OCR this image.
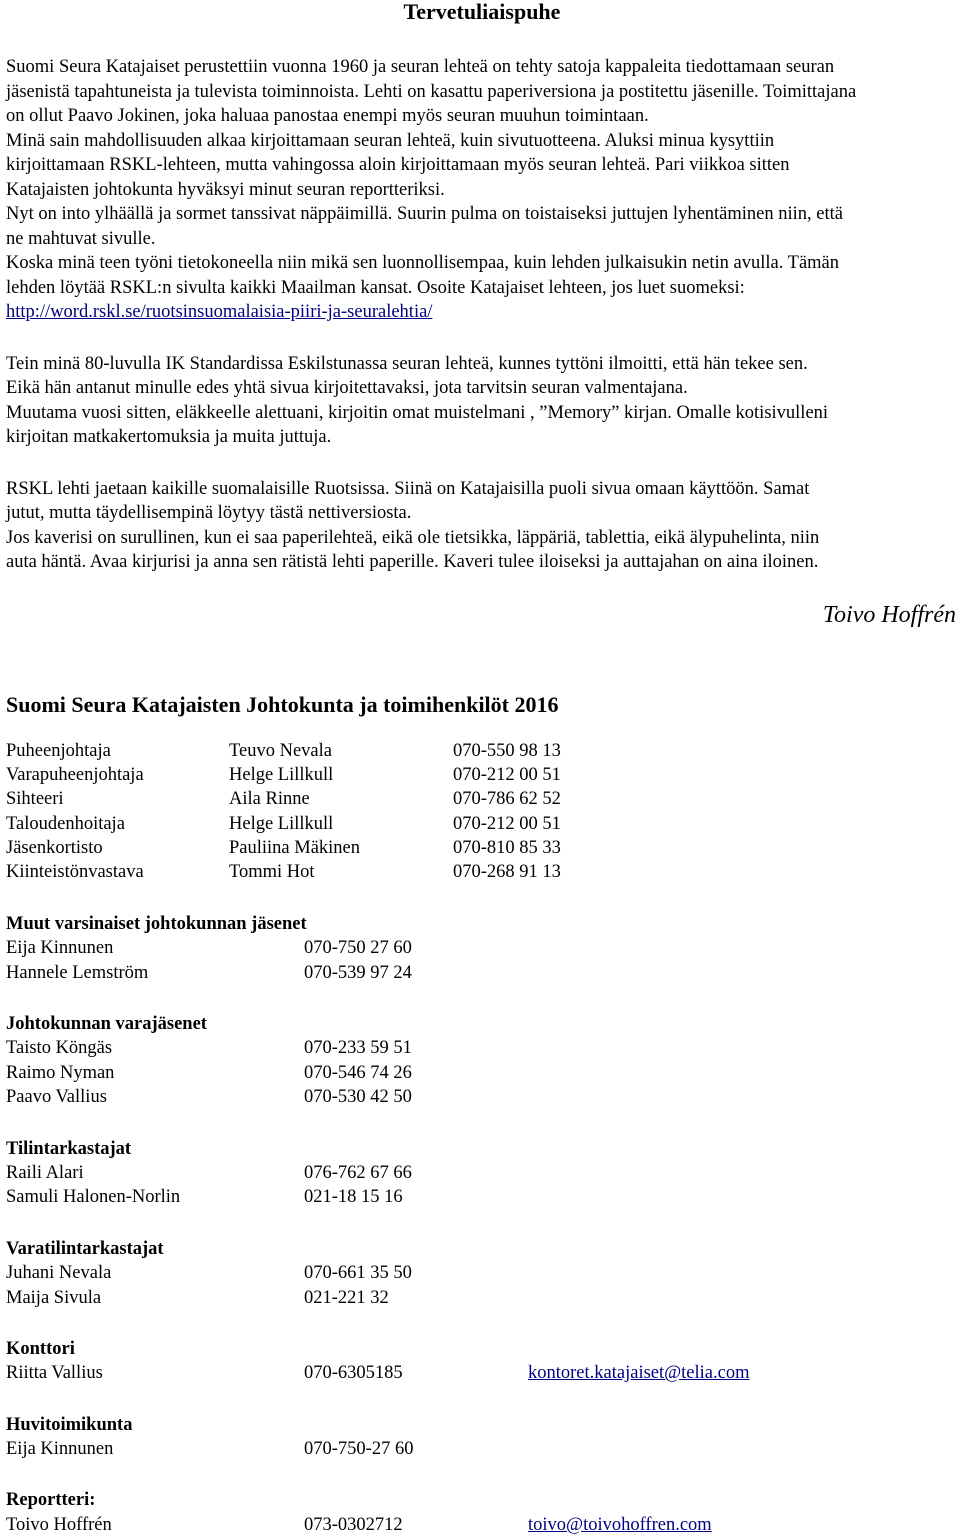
Tervetuliaispuhe

Suomi Seura Katajaiset perustettiin vuonna 1960 ja seuran lehteä on tehty satoja kappaleita tiedottamaan seuran

jäsenistä tapahtuneista ja tulevista toiminnoista. Lehti on kasattu paperiversiona ja postitettu jäsenille. Toimittajana

on ollut Paavo Jokinen, joka haluaa panostaa enempi myös seuran muuhun toimintaan.

Minä sain mahdollisuuden alkaa kirjoittamaan seuran lehteä, kuin sivutuotteena. Aluksi minua kysyttiin

kirjoittamaan RSKL-lehteen, mutta vahingossa aloin kirjoittamaan myös seuran lehteä. Pari viikkoa sitten

Katajaisten johtokunta hyväksyi minut seuran reportteriksi.

Nyt on into ylhäällä ja sormet tanssivat näppäimillä. Suurin pulma on toistaiseksi juttujen lyhentäminen niin, että

ne mahtuvat sivulle.

Koska minä teen työni tietokoneella niin mikä sen luonnollisempaa, kuin lehden julkaisukin netin avulla. Tämän

lehden löytää RSKL:n sivulta kaikki Maailman kansat. Osoite Katajaiset lehteen, jos luet suomeksi:

http://word.rskl.se/ruotsinsuomalaisia-piiri-ja-seuralehtia/

Tein minä 80-luvulla IK Standardissa Eskilstunassa seuran lehteä, kunnes tyttöni ilmoitti, että hän tekee sen.

Eikä hän antanut minulle edes yhtä sivua kirjoitettavaksi, jota tarvitsin seuran valmentajana.

Muutama vuosi sitten, eläkkeelle alettuani, kirjoitin omat muistelmani , ”Memory” kirjan. Omalle kotisivulleni

kirjoitan matkakertomuksia ja muita juttuja.

RSKL lehti jaetaan kaikille suomalaisille Ruotsissa. Siinä on Katajaisilla puoli sivua omaan käyttöön. Samat

jutut, mutta täydellisempinä löytyy tästä nettiversiosta.

Jos kaverisi on surullinen, kun ei saa paperilehteä, eikä ole tietsikka, läppäriä, tablettia, eikä älypuhelinta, niin

auta häntä. Avaa kirjurisi ja anna sen rätistä lehti paperille. Kaveri tulee iloiseksi ja auttajahan on aina iloinen.

Toivo Hoffrén

Suomi Seura Katajaisten Johtokunta ja toimihenkilöt 2016
Puheenjohtaja	Teuvo Nevala	070-550 98 13
Varapuheenjohtaja	Helge Lillkull	070-212 00 51
Sihteeri	Aila Rinne	070-786 62 52
Taloudenhoitaja	Helge Lillkull	070-212 00 51
Jäsenkortisto	Pauliina Mäkinen	070-810 85 33
Kiinteistönvastava	Tommi Hot	070-268 91 13
Muut varsinaiset johtokunnan jäsenet
Eija Kinnunen	070-750 27 60
Hannele Lemström	070-539 97 24
Johtokunnan varajäsenet
Taisto Köngäs	070-233 59 51
Raimo Nyman	070-546 74 26
Paavo Vallius	070-530 42 50
Tilintarkastajat
Raili Alari	076-762 67 66
Samuli Halonen-Norlin	021-18 15 16
Varatilintarkastajat
Juhani Nevala	070-661 35 50
Maija Sivula	021-221 32
Konttori
Riitta Vallius	070-6305185	kontoret.katajaiset@telia.com
Huvitoimikunta
Eija Kinnunen	070-750-27 60
Reportteri:
Toivo Hoffrén	073-0302712	toivo@toivohoffren.com
